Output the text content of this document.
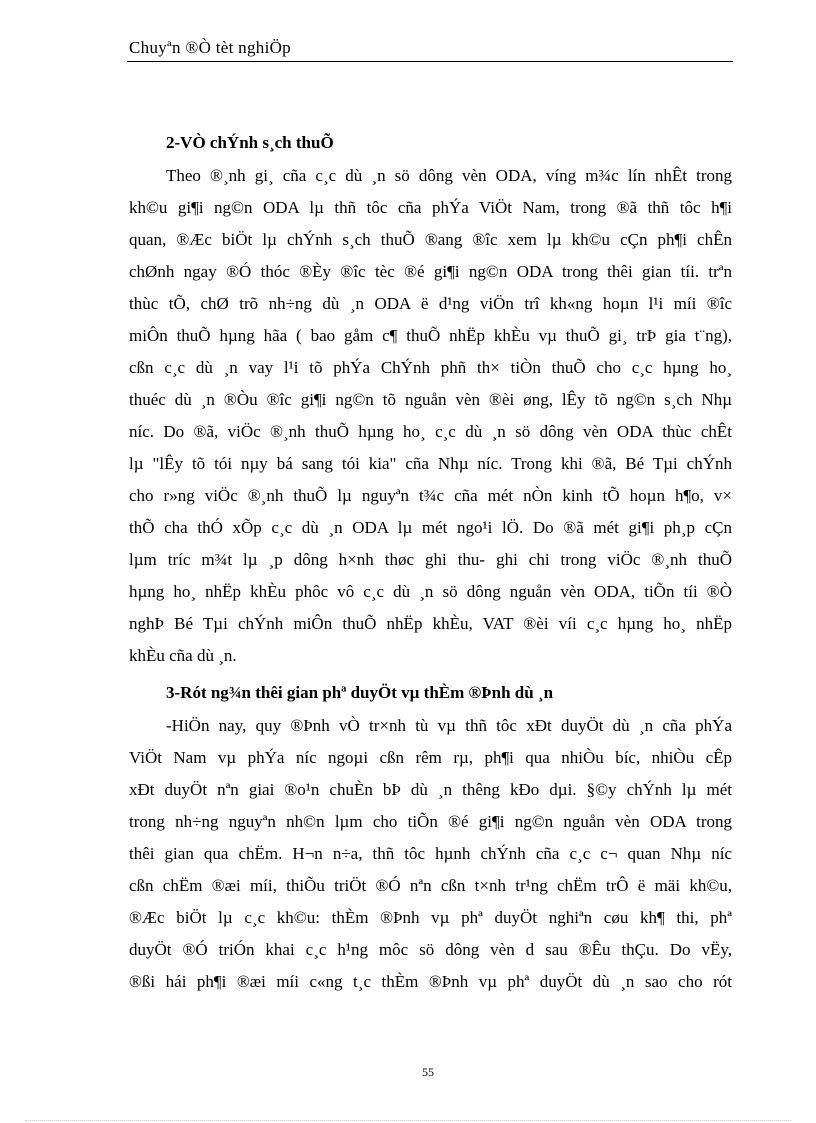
Chuyªn ®Ò tèt nghiÖp
2-VÒ chÝnh s¸ch thuÕ
Theo ®¸nh gi¸ cña c¸c dù ¸n sö dông vèn ODA, víng m¾c lín nhÊt trong
kh©u gi¶i ng©n ODA lµ thñ tôc cña phÝa ViÖt Nam, trong ®ã thñ tôc h¶i
quan, ®Æc biÖt lµ chÝnh s¸ch thuÕ ®ang ®îc xem lµ kh©u cÇn ph¶i chÊn
chØnh ngay ®Ó thóc ®Èy ®îc tèc ®é gi¶i ng©n ODA trong thêi gian tíi. trªn
thùc tÕ, chØ trõ nh÷ng dù ¸n ODA ë d¹ng viÖn trî kh«ng hoµn l¹i míi ®îc
miÔn thuÕ hµng hãa ( bao gåm c¶ thuÕ nhËp khÈu vµ thuÕ gi¸ trÞ gia t¨ng),
cßn c¸c dù ¸n vay l¹i tõ phÝa ChÝnh phñ th× tiÒn thuÕ cho c¸c hµng ho¸
thuéc dù ¸n ®Òu ®îc gi¶i ng©n tõ nguån vèn ®èi øng, lÊy tõ ng©n s¸ch Nhµ
níc. Do ®ã, viÖc ®¸nh thuÕ hµng ho¸ c¸c dù ¸n sö dông vèn ODA thùc chÊt
lµ "lÊy tõ tói nµy bá sang tói kia" cña Nhµ níc. Trong khi ®ã, Bé Tµi chÝnh
cho r»ng viÖc ®¸nh thuÕ lµ nguyªn t¾c cña mét nÒn kinh tÕ hoµn h¶o, v×
thÕ cha thÓ xÕp c¸c dù ¸n ODA lµ mét ngo¹i lÖ. Do ®ã mét gi¶i ph¸p cÇn
lµm tríc m¾t lµ ¸p dông h×nh thøc ghi thu- ghi chi trong viÖc ®¸nh thuÕ
hµng ho¸ nhËp khÈu phôc vô c¸c dù ¸n sö dông nguån vèn ODA, tiÕn tíi ®Ò
nghÞ Bé Tµi chÝnh miÔn thuÕ nhËp khÈu, VAT ®èi víi c¸c hµng ho¸ nhËp
khÈu cña dù ¸n.
3-Rót ng¾n thêi gian phª duyÖt vµ thÈm ®Þnh dù ¸n
-HiÖn nay, quy ®Þnh vÒ tr×nh tù vµ thñ tôc xÐt duyÖt dù ¸n cña phÝa
ViÖt Nam vµ phÝa níc ngoµi cßn rêm rµ, ph¶i qua nhiÒu bíc, nhiÒu cÊp
xÐt duyÖt nªn giai ®o¹n chuÈn bÞ dù ¸n thêng kÐo dµi. §©y chÝnh lµ mét
trong nh÷ng nguyªn nh©n lµm cho tiÕn ®é gi¶i ng©n nguån vèn ODA trong
thêi gian qua chËm. H¬n n÷a, thñ tôc hµnh chÝnh cña c¸c c¬ quan Nhµ níc
cßn chËm ®æi míi, thiÕu triÖt ®Ó nªn cßn t×nh tr¹ng chËm trÔ ë mäi kh©u,
®Æc biÖt lµ c¸c kh©u: thÈm ®Þnh vµ phª duyÖt nghiªn cøu kh¶ thi, phª
duyÖt ®Ó triÓn khai c¸c h¹ng môc sö dông vèn d sau ®Êu thÇu. Do vËy,
®ßi hái ph¶i ®æi míi c«ng t¸c thÈm ®Þnh vµ phª duyÖt dù ¸n sao cho rót
55
